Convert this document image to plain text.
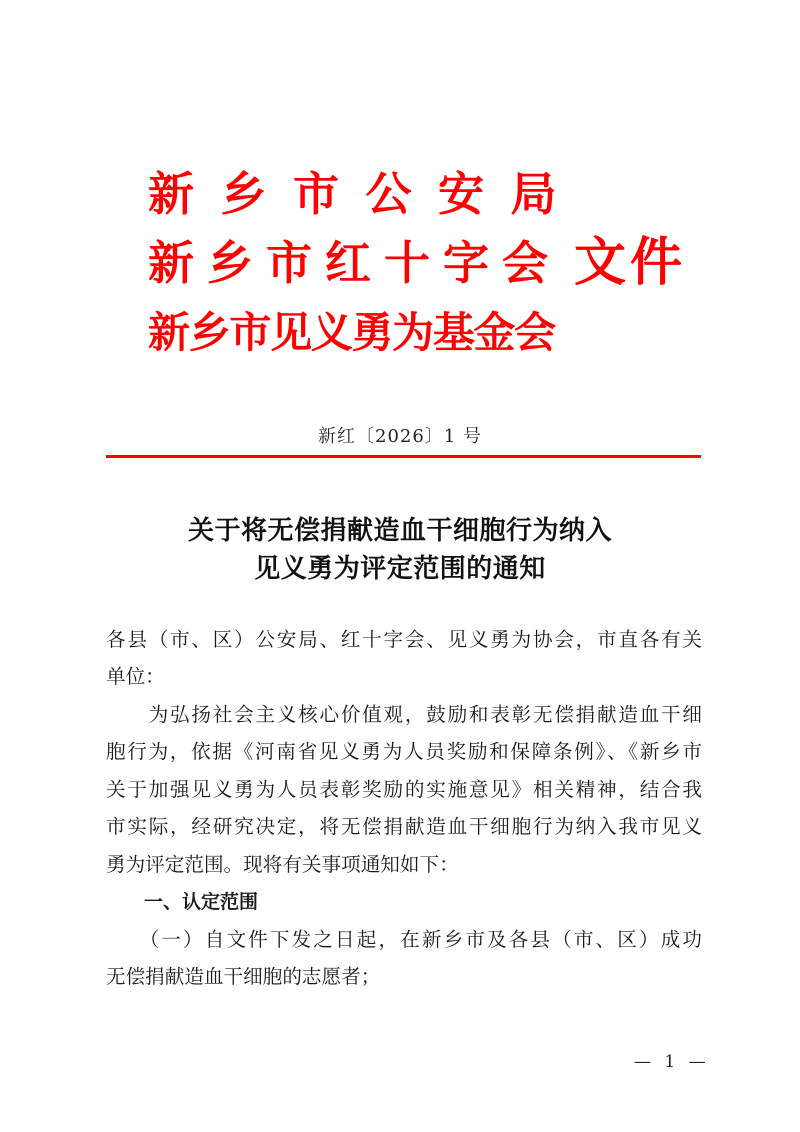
新 乡 市 公 安 局
新 乡 市 红 十 字 会 文 件
新
乡
市
见
义
勇
为
基
金
会
新红〔2026〕1 号
关于将无偿捐献造血干细胞行为纳入
见义勇为评定范围的通知
各县（市、区）公安局、红十字会、见义勇为协会，市直各有关
单位：
　　为弘扬社会主义核心价值观，鼓励和表彰无偿捐献造血干细
胞行为，依据《河南省见义勇为人员奖励和保障条例》、《新乡市
关于加强见义勇为人员表彰奖励的实施意见》相关精神，结合我
市实际，经研究决定，将无偿捐献造血干细胞行为纳入我市见义
勇为评定范围。现将有关事项通知如下：
　　一、认定范围
　　（一）自文件下发之日起，在新乡市及各县（市、区）成功
无偿捐献造血干细胞的志愿者；
— 1 —
